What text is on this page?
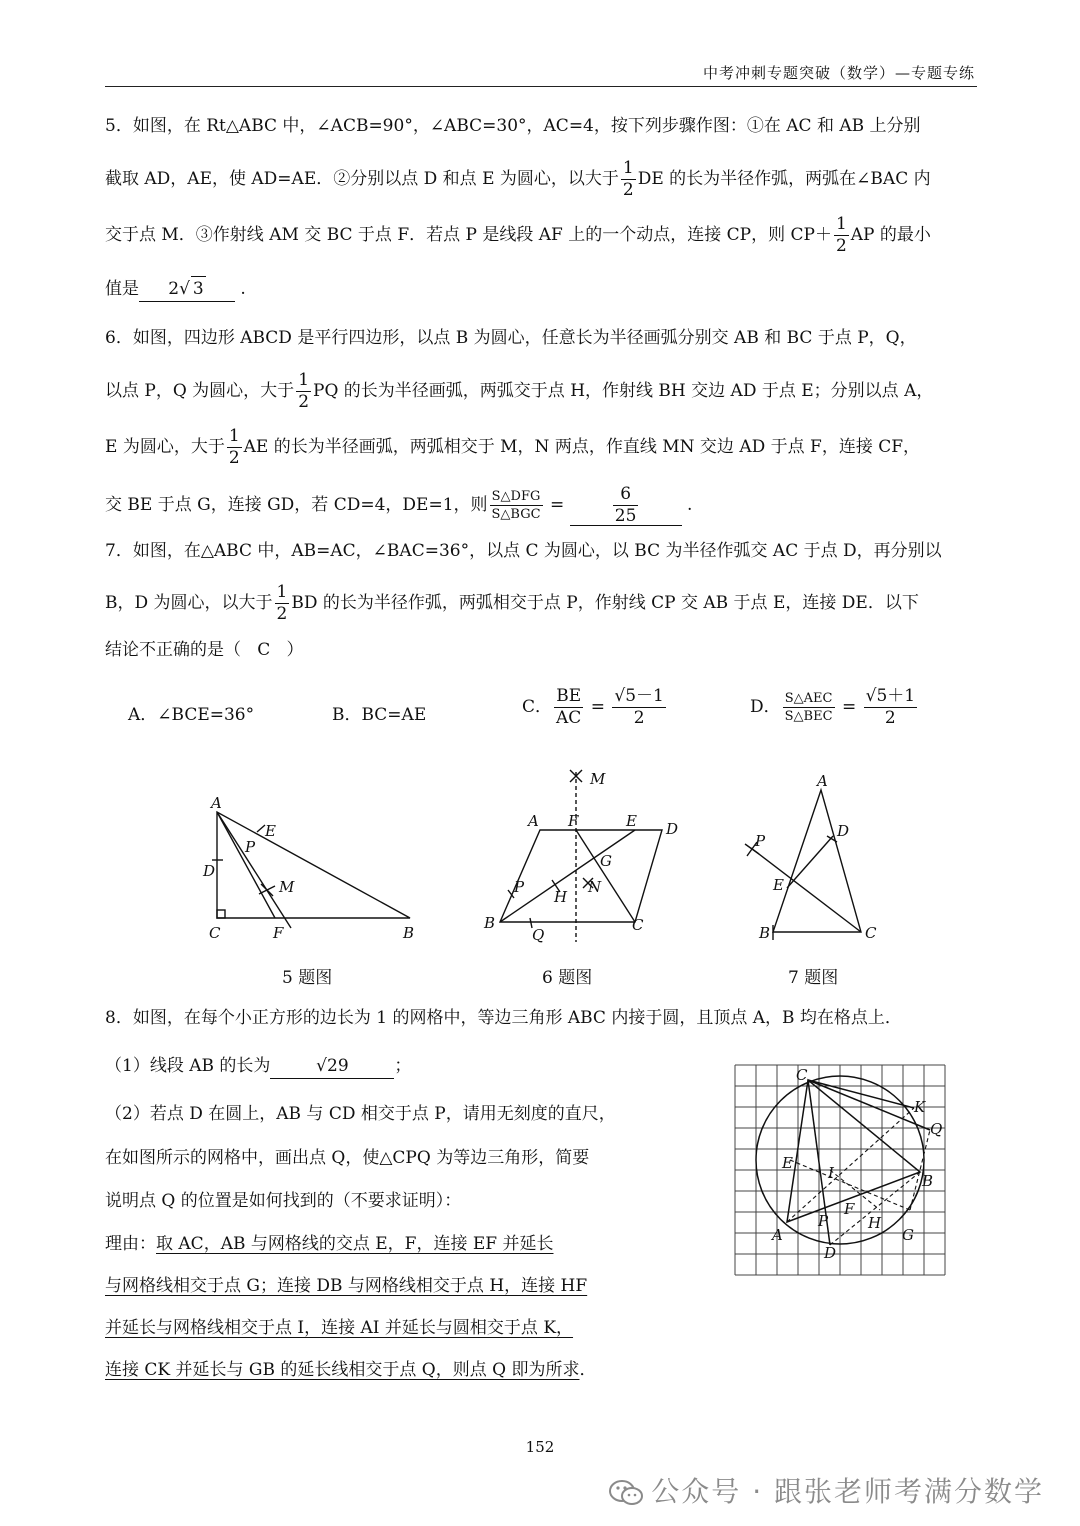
中考冲刺专题突破（数学）—专题专练
5．如图，在 Rt△ABC 中，∠ACB=90°，∠ABC=30°，AC=4，按下列步骤作图：①在 AC 和 AB 上分别
截取 AD，AE，使 AD=AE．②分别以点 D 和点 E 为圆心，以大于 $\frac{1}{2}$ DE 的长为半径作弧，两弧在∠BAC 内
交于点 M．③作射线 AM 交 BC 于点 F．若点 P 是线段 AF 上的一个动点，连接 CP，则 $CP+ \frac{1}{2}$ AP 的最小
值是 2√ 3 .
6．如图，四边形 ABCD 是平行四边形，以点 B 为圆心，任意长为半径画弧分别交 AB 和 BC 于点 P，Q，
以点 P，Q 为圆心，大于 $\frac{1}{2}$ PQ 的长为半径画弧，两弧交于点 H，作射线 BH 交边 AD 于点 E；分别以点 A，
E 为圆心，大于 $\frac{1}{2}$ AE 的长为半径画弧，两弧相交于 M，N 两点，作直线 MN 交边 AD 于点 F，连接 CF，
交 BE 于点 G，连接 GD，若 CD=4，DE=1，则 $\frac{\text{S△DFG}}{\text{S△BGC}}$ =	$\frac{6}{25}$	.
7．如图，在△ABC 中，AB=AC，∠BAC=36°，以点 C 为圆心，以 BC 为半径作弧交 AC 于点 D，再分别以
B，D 为圆心，以大于 $\frac{1}{2}$ BD 的长为半径作弧，两弧相交于点 P，作射线 CP 交 AB 于点 E，连接 DE．以下
结论不正确的是（ C ）
A．∠BCE=36°	B．BC=AE	C． $\frac{BE}{AC} = \frac{√5-1}{2}$	D． $\frac{\text{S△AEC}}{\text{S△BEC}} = \frac{√5+1}{2}$
A
C	F	B
D
E
P
M
M
A F	E D
G
P
H
N
B
Q
C
A
D
P
E
B	C
5 题图	6 题图	7 题图
8．如图，在每个小正方形的边长为 1 的网格中，等边三角形 ABC 内接于圆，且顶点 A，B 均在格点上．
（1）线段 AB 的长为	√29	；
（2）若点 D 在圆上，AB 与 CD 相交于点 P，请用无刻度的直尺，
在如图所示的网格中，画出点 Q，使△CPQ 为等边三角形，简要
说明点 Q 的位置是如何找到的（不要求证明）：
理由：取 AC，AB 与网格线的交点 E，F，连接 EF 并延长
与网格线相交于点 G；连接 DB 与网格线相交于点 H，连接 HF
并延长与网格线相交于点 I，连接 AI 并延长与圆相交于点 K，
连接 CK 并延长与 GB 的延长线相交于点 Q，则点 Q 即为所求．
C
K
Q
E
I	B
F
P	H
A	G
D
152
公众号 · 跟张老师考满分数学
